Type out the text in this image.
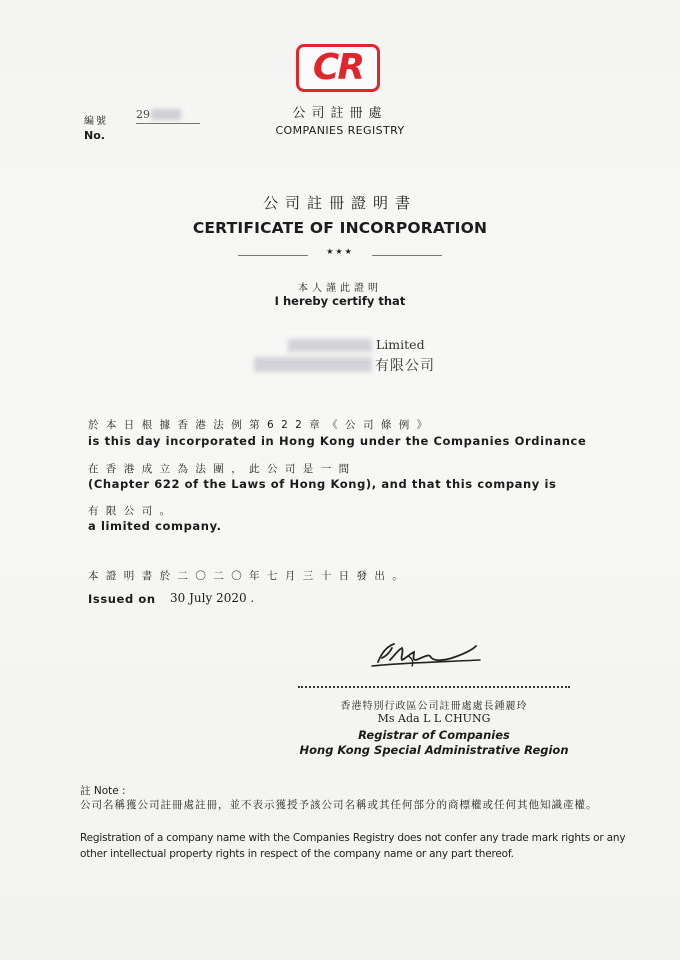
CR
公司註冊處
COMPANIES REGISTRY
編號
No.
29
公司註冊證明書
CERTIFICATE OF INCORPORATION
★★★
本人謹此證明
I hereby certify that
Limited
有限公司
於本日根據香港法例第622章《公司條例》
is this day incorporated in Hong Kong under the Companies Ordinance
在香港成立為法團，此公司是一間
(Chapter 622 of the Laws of Hong Kong), and that this company is
有限公司。
a limited company.
本證明書於二〇二〇年七月三十日發出。
Issued on 30 July 2020 .
香港特別行政區公司註冊處處長鍾麗玲
Ms Ada L L CHUNG
Registrar of Companies
Hong Kong Special Administrative Region
註 Note :
公司名稱獲公司註冊處註冊，並不表示獲授予該公司名稱或其任何部分的商標權或任何其他知識產權。
Registration of a company name with the Companies Registry does not confer any trade mark rights or any other intellectual property rights in respect of the company name or any part thereof.
